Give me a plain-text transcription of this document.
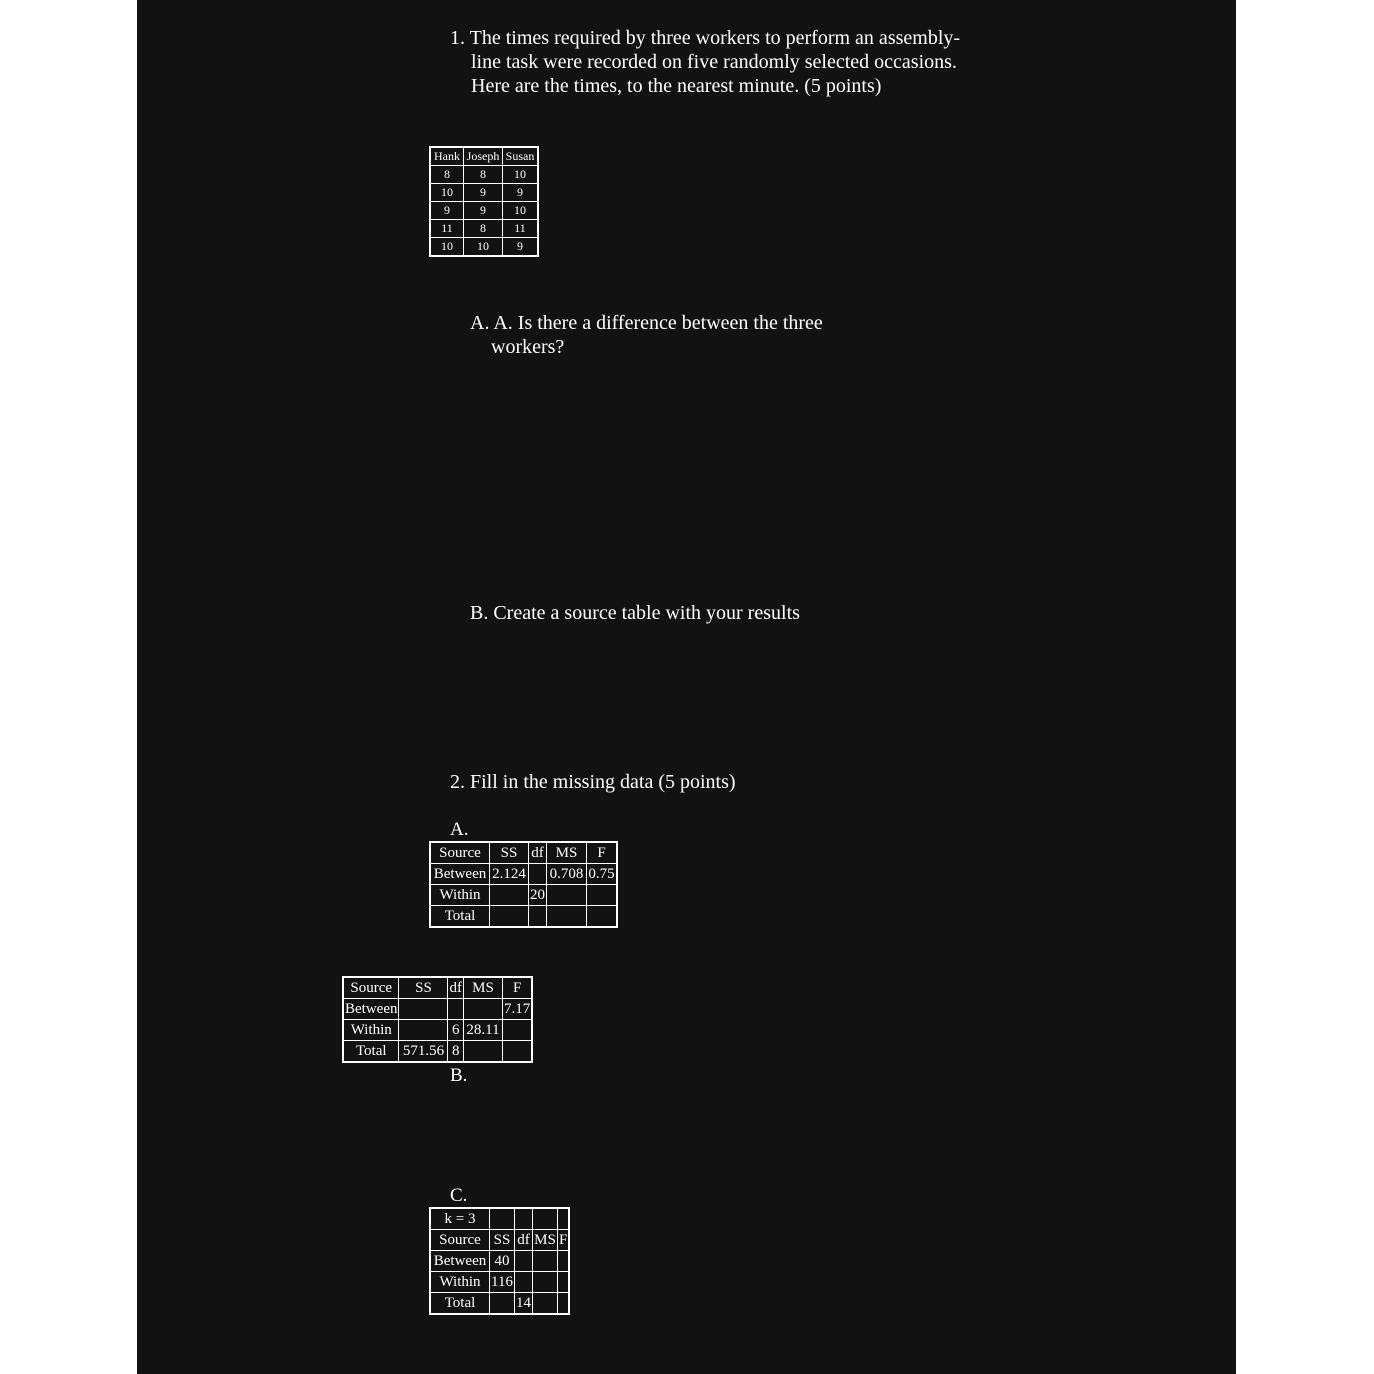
1. The times required by three workers to perform an assembly-line task were recorded on five randomly selected occasions. Here are the times, to the nearest minute. (5 points)
Hank	Joseph	Susan
8	8	10
10	9	9
9	9	10
11	8	11
10	10	9
A. A. Is there a difference between the three workers?
B. Create a source table with your results
2. Fill in the missing data (5 points)
A.
Source	SS	df	MS	F
Between	2.124		0.708	0.75
Within		20		
Total				
Source	SS	df	MS	F
Between				7.17
Within		6	28.11	
Total	571.56	8		
B.
C.
k = 3				
Source	SS	df	MS	F
Between	40			
Within	116			
Total		14		
